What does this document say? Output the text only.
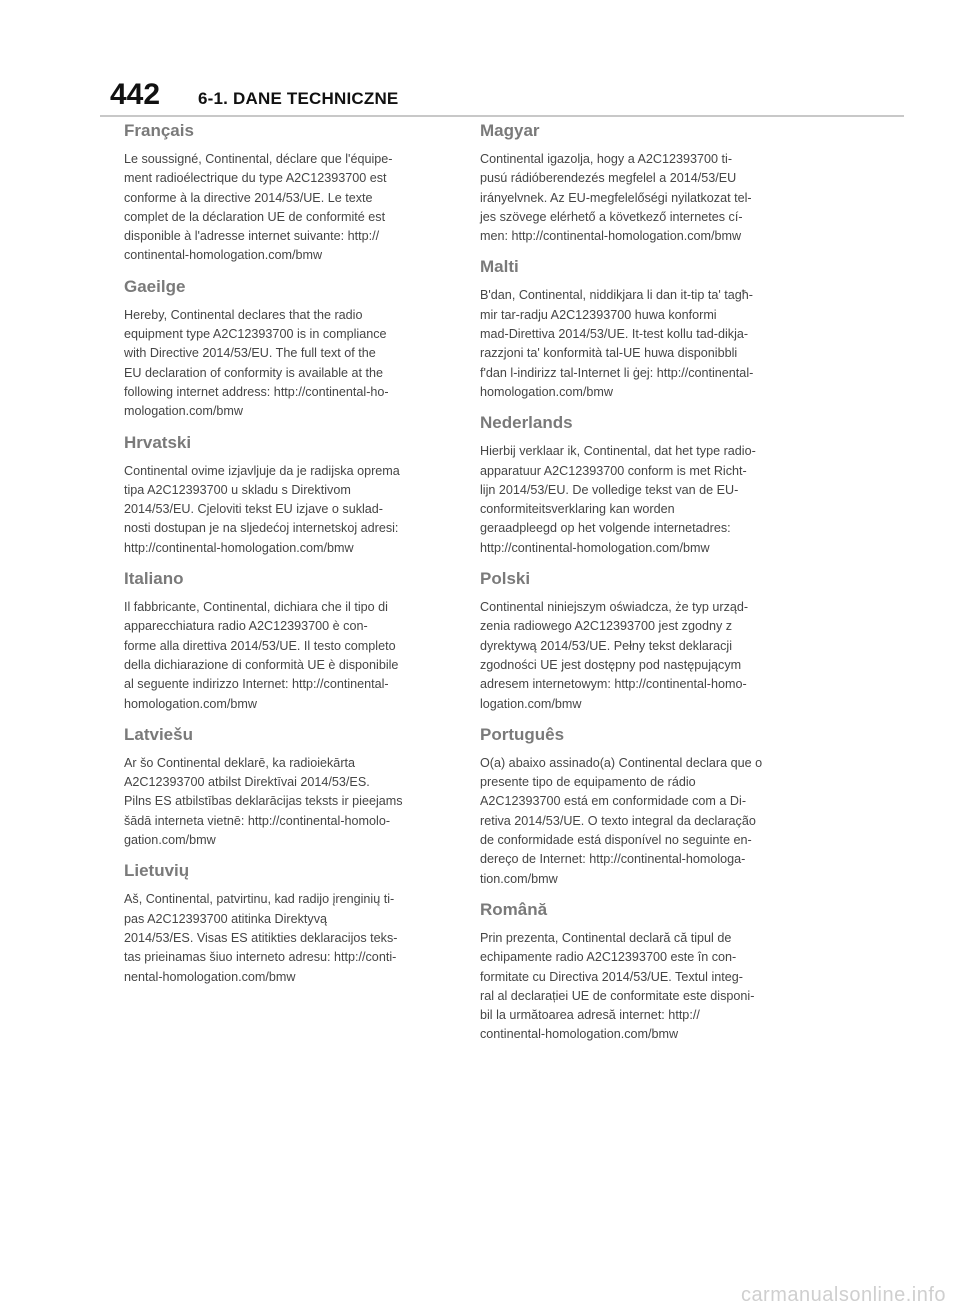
442	6-1. DANE TECHNICZNE
Français

Le soussigné, Continental, déclare que l'équipe-
ment radioélectrique du type A2C12393700 est
conforme à la directive 2014/53/UE. Le texte
complet de la déclaration UE de conformité est
disponible à l'adresse internet suivante: http://
continental-homologation.com/bmw

Gaeilge

Hereby, Continental declares that the radio
equipment type A2C12393700 is in compliance
with Directive 2014/53/EU. The full text of the
EU declaration of conformity is available at the
following internet address: http://continental-ho-
mologation.com/bmw

Hrvatski

Continental ovime izjavljuje da je radijska oprema
tipa A2C12393700 u skladu s Direktivom
2014/53/EU. Cjeloviti tekst EU izjave o suklad-
nosti dostupan je na sljedećoj internetskoj adresi:
http://continental-homologation.com/bmw

Italiano

Il fabbricante, Continental, dichiara che il tipo di
apparecchiatura radio A2C12393700 è con-
forme alla direttiva 2014/53/UE. Il testo completo
della dichiarazione di conformità UE è disponibile
al seguente indirizzo Internet: http://continental-
homologation.com/bmw

Latviešu

Ar šo Continental deklarē, ka radioiekārta
A2C12393700 atbilst Direktīvai 2014/53/ES.
Pilns ES atbilstības deklarācijas teksts ir pieejams
šādā interneta vietnē: http://continental-homolo-
gation.com/bmw

Lietuvių

Aš, Continental, patvirtinu, kad radijo įrenginių ti-
pas A2C12393700 atitinka Direktyvą
2014/53/ES. Visas ES atitikties deklaracijos teks-
tas prieinamas šiuo interneto adresu: http://conti-
nental-homologation.com/bmw

Magyar

Continental igazolja, hogy a A2C12393700 ti-
pusú rádióberendezés megfelel a 2014/53/EU
irányelvnek. Az EU-megfelelőségi nyilatkozat tel-
jes szövege elérhető a következő internetes cí-
men: http://continental-homologation.com/bmw

Malti

B'dan, Continental, niddikjara li dan it-tip ta' tagħ-
mir tar-radju A2C12393700 huwa konformi
mad-Direttiva 2014/53/UE. It-test kollu tad-dikja-
razzjoni ta' konformità tal-UE huwa disponibbli
f'dan l-indirizz tal-Internet li ġej: http://continental-
homologation.com/bmw

Nederlands

Hierbij verklaar ik, Continental, dat het type radio-
apparatuur A2C12393700 conform is met Richt-
lijn 2014/53/EU. De volledige tekst van de EU-
conformiteitsverklaring kan worden
geraadpleegd op het volgende internetadres:
http://continental-homologation.com/bmw

Polski

Continental niniejszym oświadcza, że typ urząd-
zenia radiowego A2C12393700 jest zgodny z
dyrektywą 2014/53/UE. Pełny tekst deklaracji
zgodności UE jest dostępny pod następującym
adresem internetowym: http://continental-homo-
logation.com/bmw

Português

O(a) abaixo assinado(a) Continental declara que o
presente tipo de equipamento de rádio
A2C12393700 está em conformidade com a Di-
retiva 2014/53/UE. O texto integral da declaração
de conformidade está disponível no seguinte en-
dereço de Internet: http://continental-homologa-
tion.com/bmw

Română

Prin prezenta, Continental declară că tipul de
echipamente radio A2C12393700 este în con-
formitate cu Directiva 2014/53/UE. Textul integ-
ral al declarației UE de conformitate este disponi-
bil la următoarea adresă internet: http://
continental-homologation.com/bmw

carmanualsonline.info
